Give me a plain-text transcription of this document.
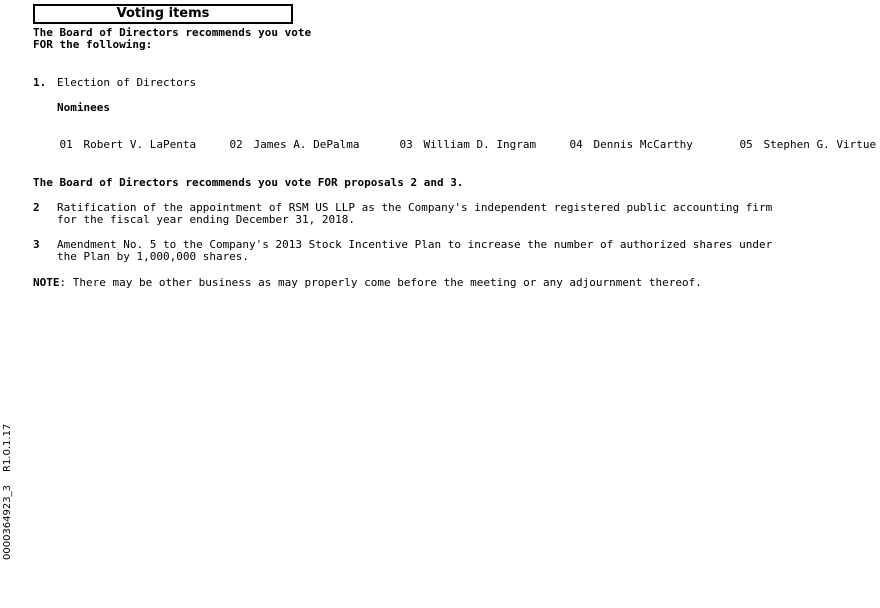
Voting items
The Board of Directors recommends you vote
FOR the following:
1. Election of Directors
Nominees

01 Robert V. LaPenta
	02 James A. DePalma
	03 William D. Ingram
	04 Dennis McCarthy
	05 Stephen G. Virtue

The Board of Directors recommends you vote FOR proposals 2 and 3.
2 Ratification of the appointment of RSM US LLP as the Company's independent registered public accounting firm
for the fiscal year ending December 31, 2018.
3 Amendment No. 5 to the Company's 2013 Stock Incentive Plan to increase the number of authorized shares under
the Plan by 1,000,000 shares.
NOTE: There may be other business as may properly come before the meeting or any adjournment thereof.
R1.0.1.17
0000364923_3
